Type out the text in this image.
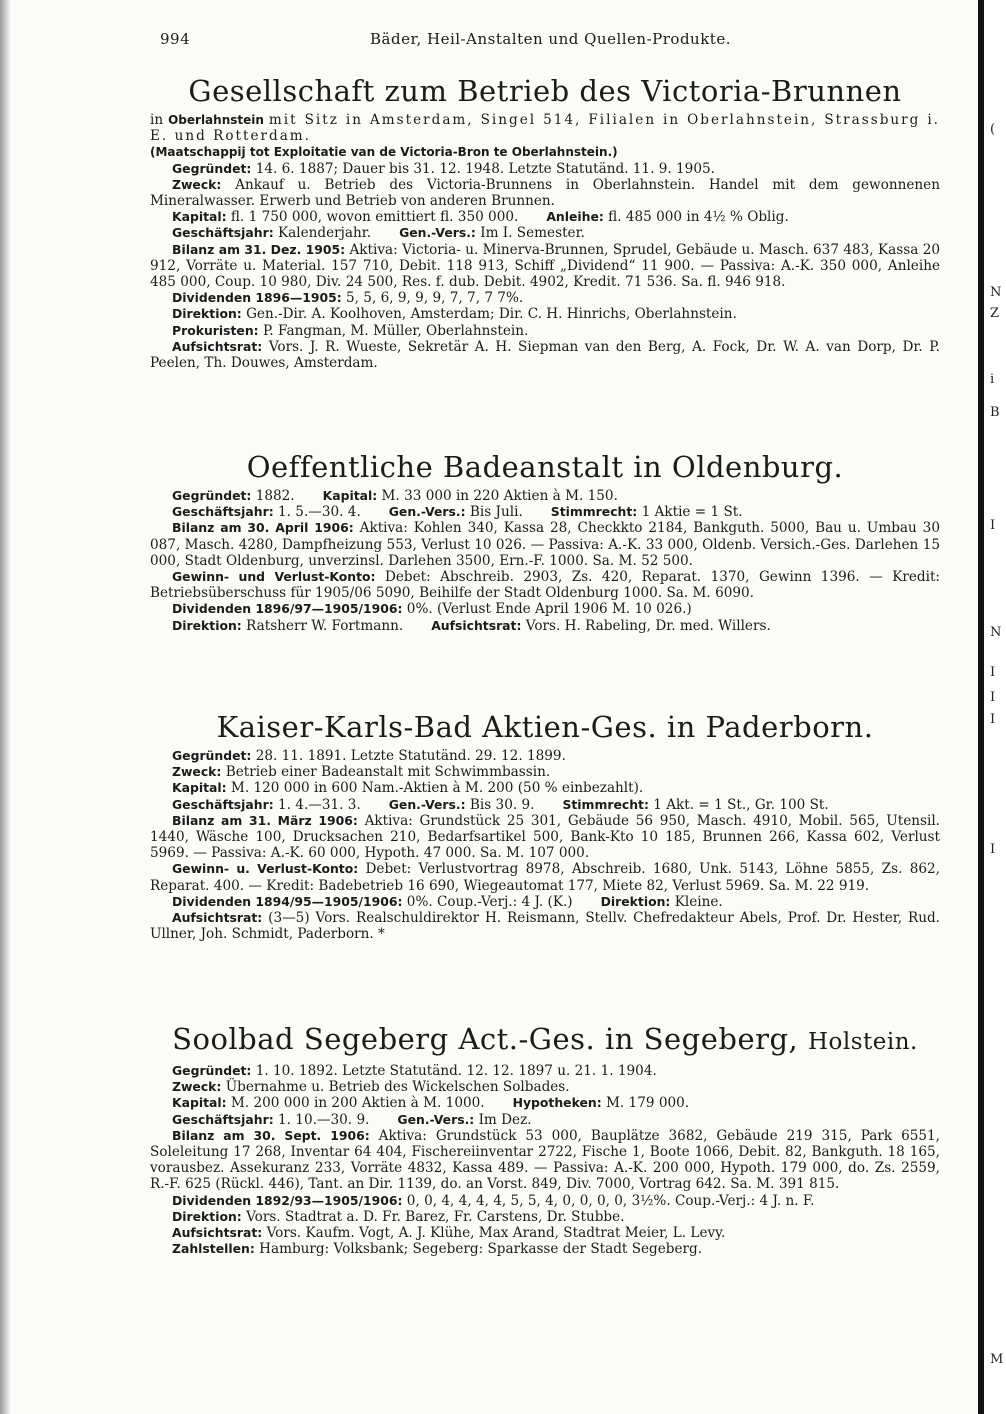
(
N
Z
i
B
I
N
I
I
I
I
M
994	Bäder, Heil-Anstalten und Quellen-Produkte.
Gesellschaft zum Betrieb des Victoria-Brunnen
in Oberlahnstein mit Sitz in Amsterdam, Singel 514, Filialen in Oberlahnstein, Strassburg i. E. und Rotterdam.
(Maatschappij tot Exploitatie van de Victoria-Bron te Oberlahnstein.)

Gegründet: 14. 6. 1887; Dauer bis 31. 12. 1948. Letzte Statutänd. 11. 9. 1905.

Zweck: Ankauf u. Betrieb des Victoria-Brunnens in Oberlahnstein. Handel mit dem gewonnenen Mineralwasser. Erwerb und Betrieb von anderen Brunnen.

Kapital: fl. 1 750 000, wovon emittiert fl. 350 000. Anleihe: fl. 485 000 in 4½ % Oblig.

Geschäftsjahr: Kalenderjahr. Gen.-Vers.: Im I. Semester.

Bilanz am 31. Dez. 1905: Aktiva: Victoria- u. Minerva-Brunnen, Sprudel, Gebäude u. Masch. 637 483, Kassa 20 912, Vorräte u. Material. 157 710, Debit. 118 913, Schiff „Dividend“ 11 900. — Passiva: A.-K. 350 000, Anleihe 485 000, Coup. 10 980, Div. 24 500, Res. f. dub. Debit. 4902, Kredit. 71 536. Sa. fl. 946 918.

Dividenden 1896—1905: 5, 5, 6, 9, 9, 9, 7, 7, 7 7%.

Direktion: Gen.-Dir. A. Koolhoven, Amsterdam; Dir. C. H. Hinrichs, Oberlahnstein.

Prokuristen: P. Fangman, M. Müller, Oberlahnstein.

Aufsichtsrat: Vors. J. R. Wueste, Sekretär A. H. Siepman van den Berg, A. Fock, Dr. W. A. van Dorp, Dr. P. Peelen, Th. Douwes, Amsterdam.

Oeffentliche Badeanstalt in Oldenburg.

Gegründet: 1882. Kapital: M. 33 000 in 220 Aktien à M. 150.

Geschäftsjahr: 1. 5.—30. 4. Gen.-Vers.: Bis Juli. Stimmrecht: 1 Aktie = 1 St.

Bilanz am 30. April 1906: Aktiva: Kohlen 340, Kassa 28, Checkkto 2184, Bankguth. 5000, Bau u. Umbau 30 087, Masch. 4280, Dampfheizung 553, Verlust 10 026. — Passiva: A.-K. 33 000, Oldenb. Versich.-Ges. Darlehen 15 000, Stadt Oldenburg, unverzinsl. Darlehen 3500, Ern.-F. 1000. Sa. M. 52 500.

Gewinn- und Verlust-Konto: Debet: Abschreib. 2903, Zs. 420, Reparat. 1370, Gewinn 1396. — Kredit: Betriebsüberschuss für 1905/06 5090, Beihilfe der Stadt Oldenburg 1000. Sa. M. 6090.

Dividenden 1896/97—1905/1906: 0%. (Verlust Ende April 1906 M. 10 026.)

Direktion: Ratsherr W. Fortmann. Aufsichtsrat: Vors. H. Rabeling, Dr. med. Willers.

Kaiser-Karls-Bad Aktien-Ges. in Paderborn.

Gegründet: 28. 11. 1891. Letzte Statutänd. 29. 12. 1899.

Zweck: Betrieb einer Badeanstalt mit Schwimmbassin.

Kapital: M. 120 000 in 600 Nam.-Aktien à M. 200 (50 % einbezahlt).

Geschäftsjahr: 1. 4.—31. 3. Gen.-Vers.: Bis 30. 9. Stimmrecht: 1 Akt. = 1 St., Gr. 100 St.

Bilanz am 31. März 1906: Aktiva: Grundstück 25 301, Gebäude 56 950, Masch. 4910, Mobil. 565, Utensil. 1440, Wäsche 100, Drucksachen 210, Bedarfsartikel 500, Bank-Kto 10 185, Brunnen 266, Kassa 602, Verlust 5969. — Passiva: A.-K. 60 000, Hypoth. 47 000. Sa. M. 107 000.

Gewinn- u. Verlust-Konto: Debet: Verlustvortrag 8978, Abschreib. 1680, Unk. 5143, Löhne 5855, Zs. 862, Reparat. 400. — Kredit: Badebetrieb 16 690, Wiegeautomat 177, Miete 82, Verlust 5969. Sa. M. 22 919.

Dividenden 1894/95—1905/1906: 0%. Coup.-Verj.: 4 J. (K.) Direktion: Kleine.

Aufsichtsrat: (3—5) Vors. Realschuldirektor H. Reismann, Stellv. Chefredakteur Abels, Prof. Dr. Hester, Rud. Ullner, Joh. Schmidt, Paderborn. *

Soolbad Segeberg Act.-Ges. in Segeberg, Holstein.

Gegründet: 1. 10. 1892. Letzte Statutänd. 12. 12. 1897 u. 21. 1. 1904.

Zweck: Übernahme u. Betrieb des Wickelschen Solbades.

Kapital: M. 200 000 in 200 Aktien à M. 1000. Hypotheken: M. 179 000.

Geschäftsjahr: 1. 10.—30. 9. Gen.-Vers.: Im Dez.

Bilanz am 30. Sept. 1906: Aktiva: Grundstück 53 000, Bauplätze 3682, Gebäude 219 315, Park 6551, Soleleitung 17 268, Inventar 64 404, Fischereiinventar 2722, Fische 1, Boote 1066, Debit. 82, Bankguth. 18 165, vorausbez. Assekuranz 233, Vorräte 4832, Kassa 489. — Passiva: A.-K. 200 000, Hypoth. 179 000, do. Zs. 2559, R.-F. 625 (Rückl. 446), Tant. an Dir. 1139, do. an Vorst. 849, Div. 7000, Vortrag 642. Sa. M. 391 815.

Dividenden 1892/93—1905/1906: 0, 0, 4, 4, 4, 4, 5, 5, 4, 0, 0, 0, 0, 3½%. Coup.-Verj.: 4 J. n. F.

Direktion: Vors. Stadtrat a. D. Fr. Barez, Fr. Carstens, Dr. Stubbe.

Aufsichtsrat: Vors. Kaufm. Vogt, A. J. Klühe, Max Arand, Stadtrat Meier, L. Levy.

Zahlstellen: Hamburg: Volksbank; Segeberg: Sparkasse der Stadt Segeberg.
